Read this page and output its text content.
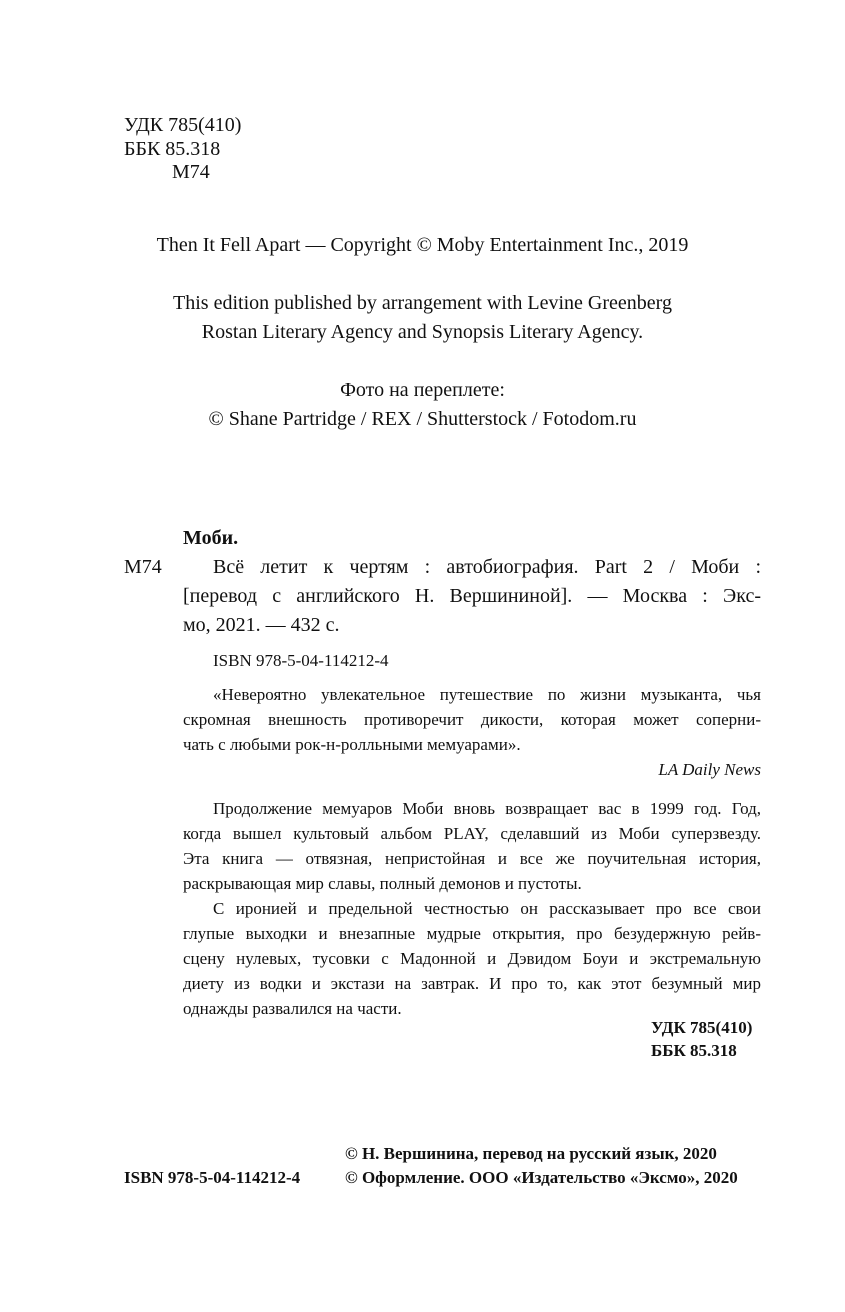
УДК 785(410)
ББК 85.318
М74
Then It Fell Apart — Copyright © Moby Entertainment Inc., 2019
This edition published by arrangement with Levine Greenberg
Rostan Literary Agency and Synopsis Literary Agency.
Фото на переплете:
© Shane Partridge / REX / Shutterstock / Fotodom.ru
Моби.
М74	Всё летит к чертям : автобиография. Part 2 / Моби :
[перевод с английского Н. Вершининой]. — Москва : Экс-
мо, 2021. — 432 с.
ISBN 978-5-04-114212-4
«Невероятно увлекательное путешествие по жизни музыканта, чья
скромная внешность противоречит дикости, которая может соперни-
чать с любыми рок-н-ролльными мемуарами».
LA Daily News
Продолжение мемуаров Моби вновь возвращает вас в 1999 год. Год,
когда вышел культовый альбом PLAY, сделавший из Моби суперзвезду.
Эта книга — отвязная, непристойная и все же поучительная история,
раскрывающая мир славы, полный демонов и пустоты.
С иронией и предельной честностью он рассказывает про все свои
глупые выходки и внезапные мудрые открытия, про безудержную рейв-
сцену нулевых, тусовки с Мадонной и Дэвидом Боуи и экстремальную
диету из водки и экстази на завтрак. И про то, как этот безумный мир
однажды развалился на части.
УДК 785(410)
ББК 85.318
© Н. Вершинина, перевод на русский язык, 2020
ISBN 978-5-04-114212-4	© Оформление. ООО «Издательство «Эксмо», 2020
